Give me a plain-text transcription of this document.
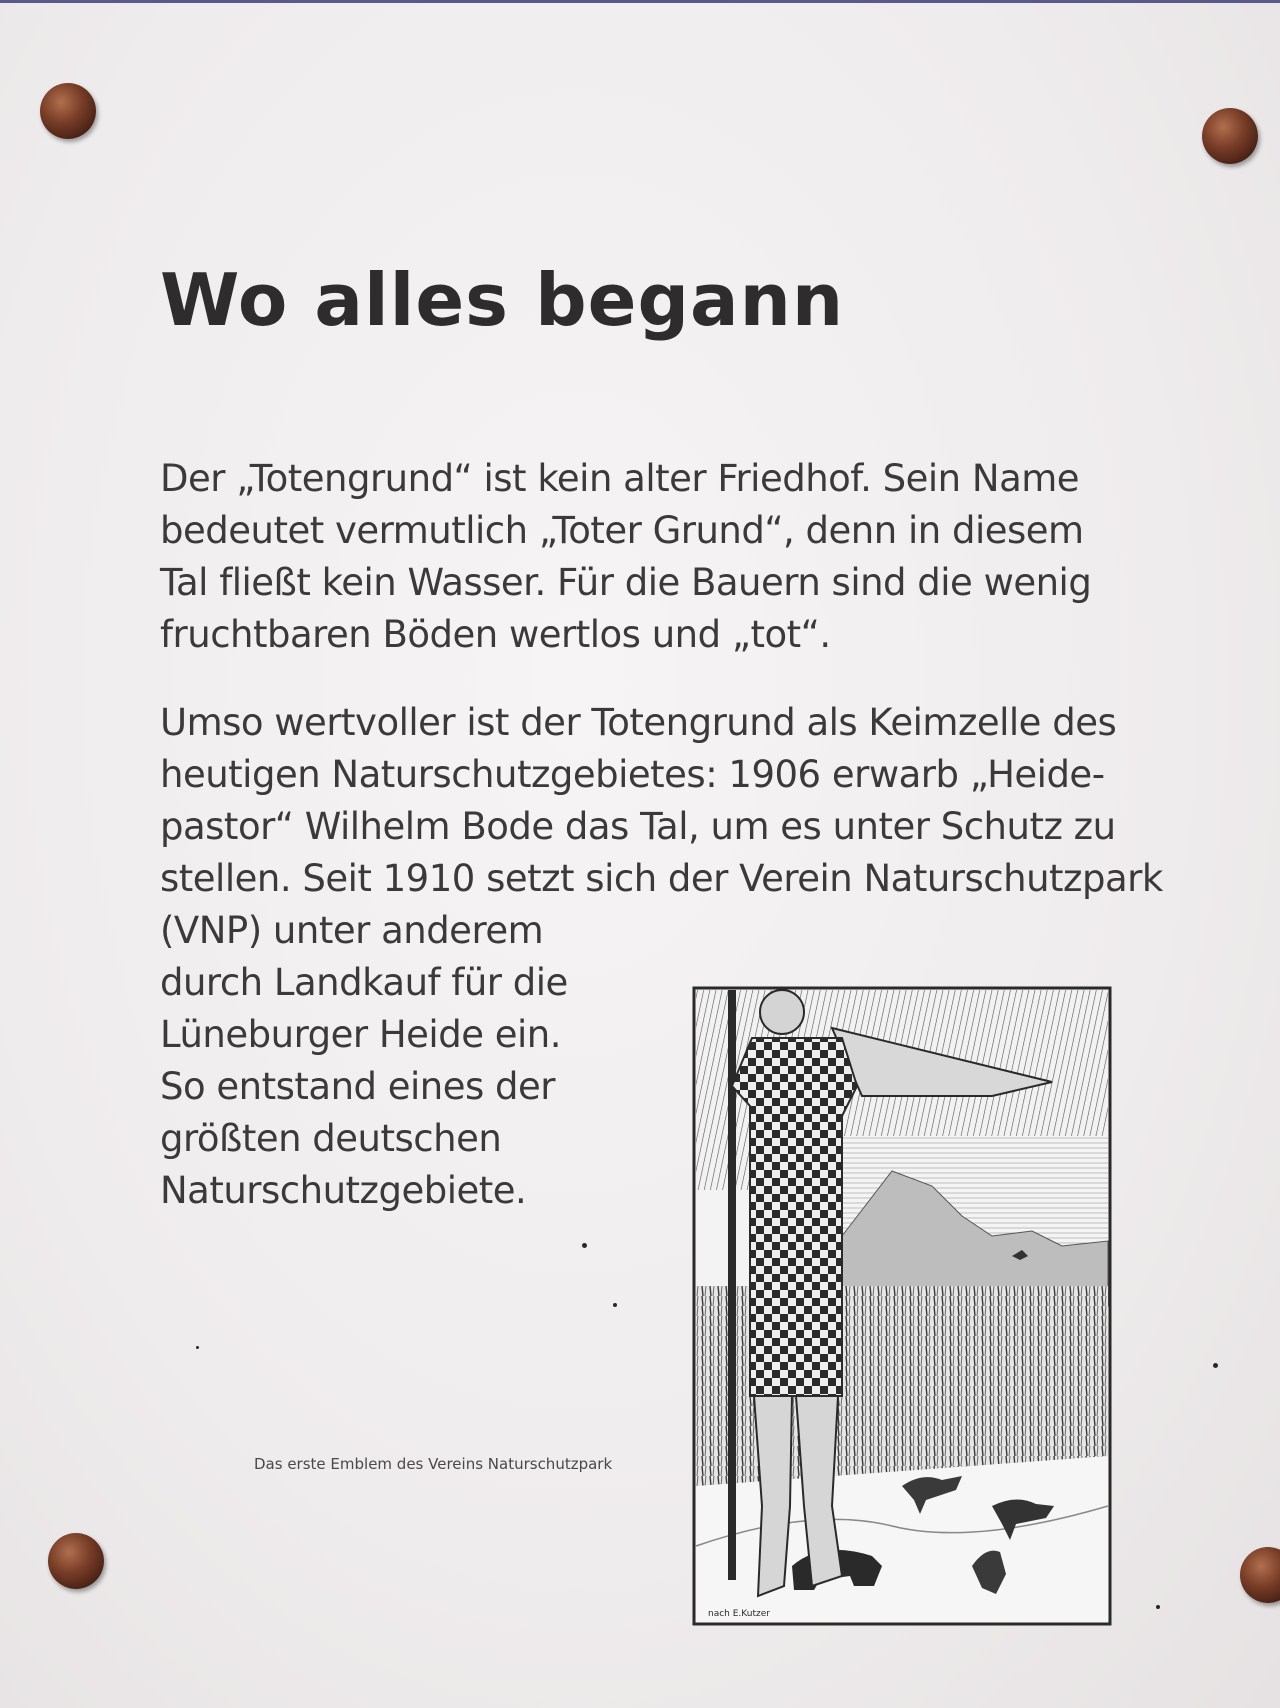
Wo alles begann

Der „Totengrund“ ist kein alter Friedhof. Sein Name
bedeutet vermutlich „Toter Grund“, denn in diesem
Tal fließt kein Wasser. Für die Bauern sind die wenig
fruchtbaren Böden wertlos und „tot“.

Umso wertvoller ist der Totengrund als Keimzelle des
heutigen Naturschutzgebietes: 1906 erwarb „Heide-
pastor“ Wilhelm Bode das Tal, um es unter Schutz zu
stellen. Seit 1910 setzt sich der Verein Naturschutzpark
(VNP) unter anderem
durch Landkauf für die
Lüneburger Heide ein.
So entstand eines der
größten deutschen
Naturschutzgebiete.

Das erste Emblem des Vereins Naturschutzpark
nach E.Kutzer
